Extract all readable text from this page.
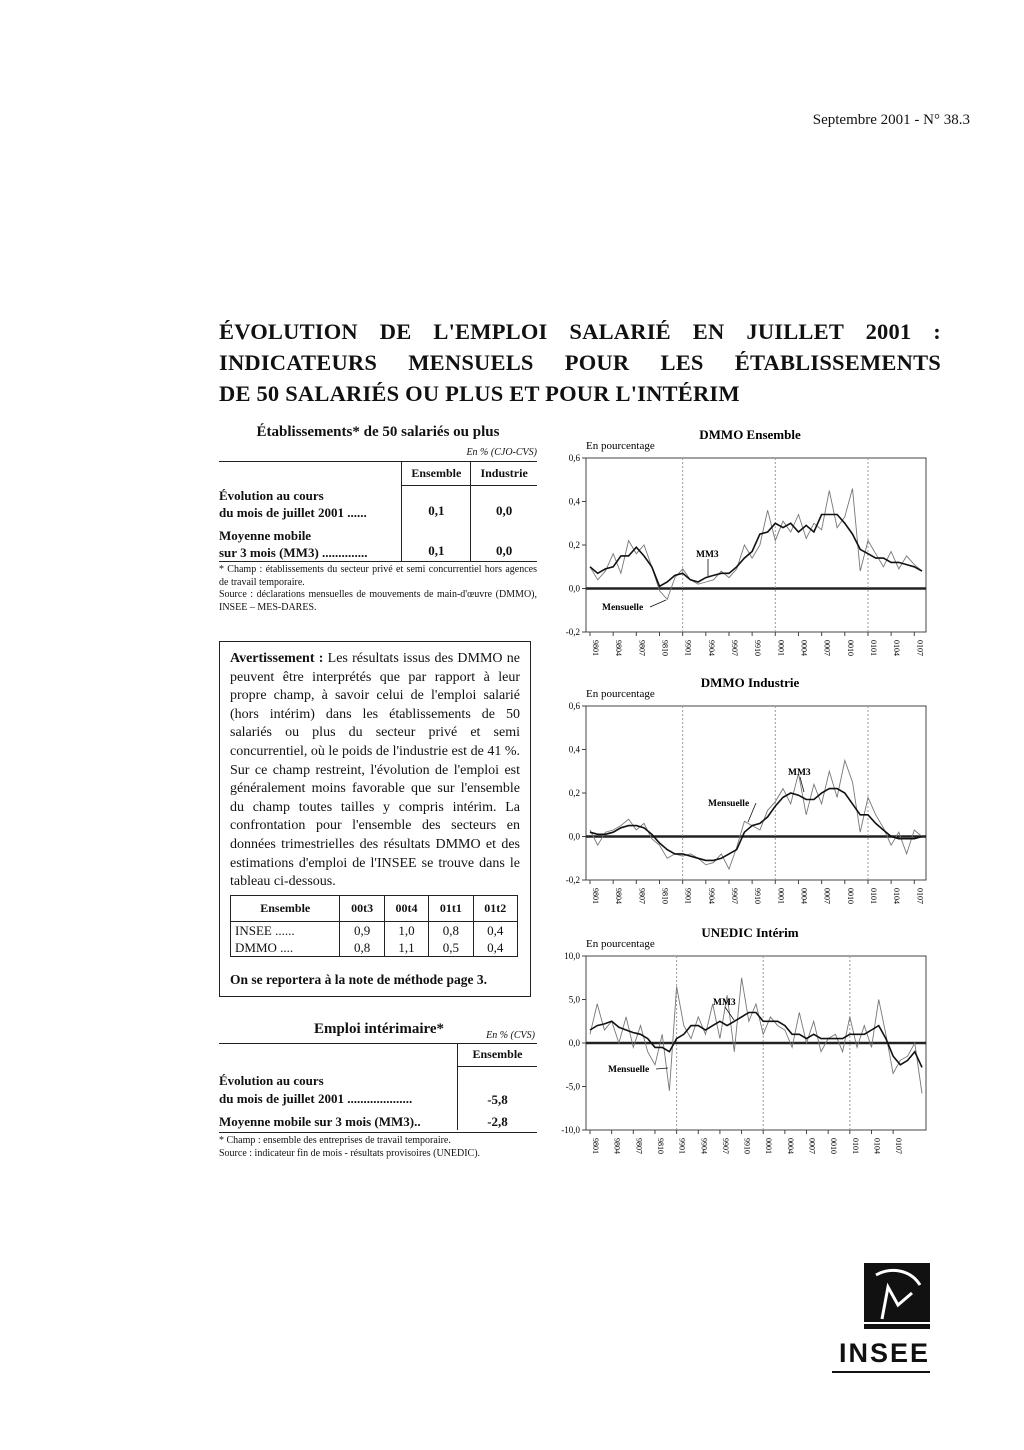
Septembre 2001 - N° 38.3
ÉVOLUTION DE L'EMPLOI SALARIÉ EN JUILLET 2001 :
INDICATEURS MENSUELS POUR LES ÉTABLISSEMENTS
DE 50 SALARIÉS OU PLUS ET POUR L'INTÉRIM
Établissements* de 50 salariés ou plus
En % (CJO-CVS)
	Ensemble	Industrie

Évolution au cours
du mois de juillet 2001 ......	0,1	0,0

Moyenne mobile
sur 3 mois (MM3) ..............	0,1	0,0
* Champ : établissements du secteur privé et semi concurrentiel hors agences de travail temporaire.
Source : déclarations mensuelles de mouvements de main-d'œuvre (DMMO), INSEE – MES-DARES.
Avertissement : Les résultats issus des DMMO ne peuvent être interprétés que par rapport à leur propre champ, à savoir celui de l'emploi salarié (hors intérim) dans les établissements de 50 salariés ou plus du secteur privé et semi concurrentiel, où le poids de l'industrie est de 41 %. Sur ce champ restreint, l'évolution de l'emploi est généralement moins favorable que sur l'ensemble du champ toutes tailles y compris intérim. La confrontation pour l'ensemble des secteurs en données trimestrielles des résultats DMMO et des estimations d'emploi de l'INSEE se trouve dans le tableau ci-dessous.
Ensemble	00t3	00t4	01t1	01t2
INSEE ......	0,9	1,0	0,8	0,4
DMMO ....	0,8	1,1	0,5	0,4
On se reportera à la note de méthode page 3.
Emploi intérimaire*	En % (CVS)
	Ensemble

Évolution au cours
du mois de juillet 2001 ....................	-5,8
Moyenne mobile sur 3 mois (MM3)..	-2,8
* Champ : ensemble des entreprises de travail temporaire.
Source : indicateur fin de mois - résultats provisoires (UNEDIC).
DMMO Ensemble
En pourcentage
0,6
0,4
0,2
0,0
-0,2
9801 9804 9807 9810 9901 9904 9907 9910 0001 0004 0007 0010 0101 0104 0107
MM3
Mensuelle
DMMO Industrie
En pourcentage
0,6
0,4
0,2
0,0
-0,2
9801 9804 9807 9810 9901 9904 9907 9910 0001 0004 0007 0010 0101 0104 0107
MM3
Mensuelle
UNEDIC Intérim
En pourcentage
10,0
5,0
0,0
-5,0
-10,0
9801 9804 9807 9810 9901 9904 9907 9910 0001 0004 0007 0010 0101 0104 0107
MM3
Mensuelle
INSEE
